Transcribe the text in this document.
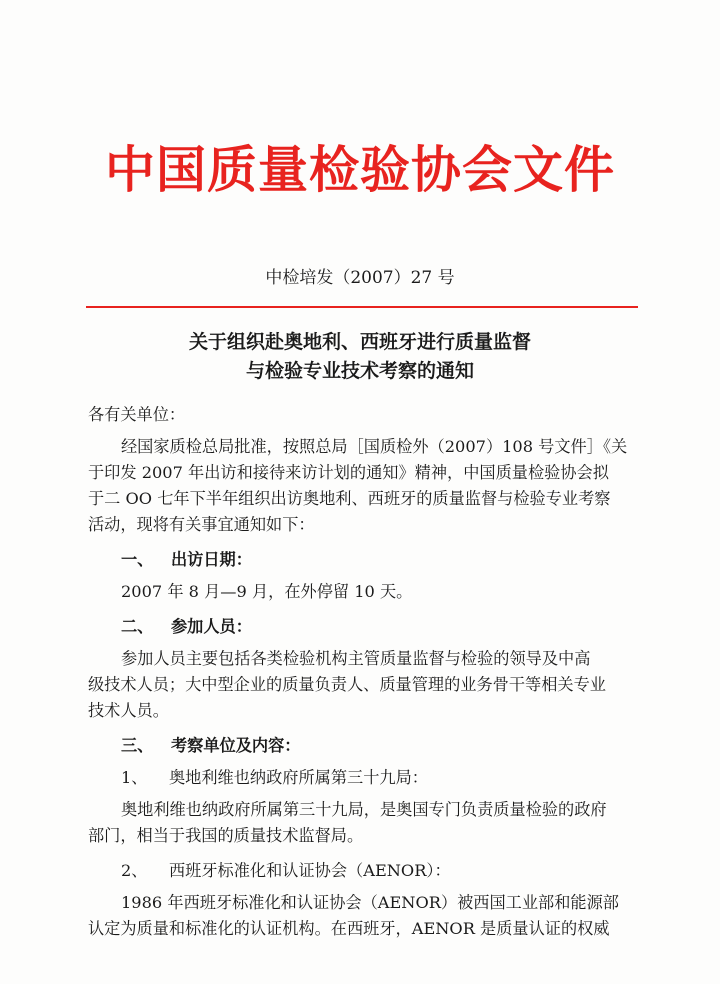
中国质量检验协会文件
中检培发（2007）27 号
关于组织赴奥地利、西班牙进行质量监督
与检验专业技术考察的通知
各有关单位：
经国家质检总局批准，按照总局［国质检外（2007）108 号文件］《关
于印发 2007 年出访和接待来访计划的通知》精神，中国质量检验协会拟
于二 OO 七年下半年组织出访奥地利、西班牙的质量监督与检验专业考察
活动，现将有关事宜通知如下：
一、 出访日期：
2007 年 8 月—9 月，在外停留 10 天。
二、 参加人员：
参加人员主要包括各类检验机构主管质量监督与检验的领导及中高
级技术人员；大中型企业的质量负责人、质量管理的业务骨干等相关专业
技术人员。
三、 考察单位及内容：
1、 奥地利维也纳政府所属第三十九局：
奥地利维也纳政府所属第三十九局，是奥国专门负责质量检验的政府
部门，相当于我国的质量技术监督局。
2、 西班牙标准化和认证协会（AENOR）：
1986 年西班牙标准化和认证协会（AENOR）被西国工业部和能源部
认定为质量和标准化的认证机构。在西班牙，AENOR 是质量认证的权威
